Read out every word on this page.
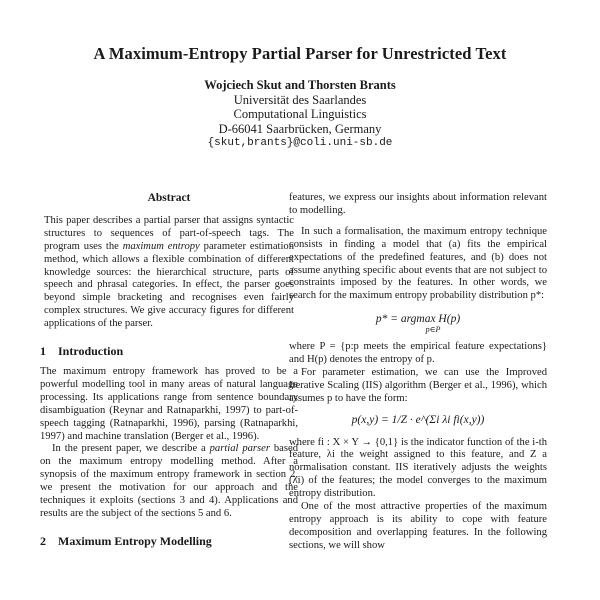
A Maximum-Entropy Partial Parser for Unrestricted Text
Wojciech Skut and Thorsten Brants
Universität des Saarlandes
Computational Linguistics
D-66041 Saarbrücken, Germany
{skut,brants}@coli.uni-sb.de
Abstract

This paper describes a partial parser that assigns syntactic structures to sequences of part-of-speech tags. The program uses the maximum entropy parameter estimation method, which allows a flexible combination of different knowledge sources: the hierarchical structure, parts of speech and phrasal categories. In effect, the parser goes beyond simple bracketing and recognises even fairly complex structures. We give accuracy figures for different applications of the parser.

1 Introduction

The maximum entropy framework has proved to be a powerful modelling tool in many areas of natural language processing. Its applications range from sentence boundary disambiguation (Reynar and Ratnaparkhi, 1997) to part-of-speech tagging (Ratnaparkhi, 1996), parsing (Ratnaparkhi, 1997) and machine translation (Berger et al., 1996).

In the present paper, we describe a partial parser based on the maximum entropy modelling method. After a synopsis of the maximum entropy framework in section 2, we present the motivation for our approach and the techniques it exploits (sections 3 and 4). Applications and results are the subject of the sections 5 and 6.

2 Maximum Entropy Modelling

features, we express our insights about information relevant to modelling.

In such a formalisation, the maximum entropy technique consists in finding a model that (a) fits the empirical expectations of the predefined features, and (b) does not assume anything specific about events that are not subject to constraints imposed by the features. In other words, we search for the maximum entropy probability distribution p*:

p* = argmax H(p)
p∈P

where P = {p:p meets the empirical feature expectations} and H(p) denotes the entropy of p.

For parameter estimation, we can use the Improved Iterative Scaling (IIS) algorithm (Berger et al., 1996), which assumes p to have the form:

p(x,y) = 1/Z · e^(Σi λi fi(x,y))

where fi : X × Y → {0,1} is the indicator function of the i-th feature, λi the weight assigned to this feature, and Z a normalisation constant. IIS iteratively adjusts the weights (λi) of the features; the model converges to the maximum entropy distribution.

One of the most attractive properties of the maximum entropy approach is its ability to cope with feature decomposition and overlapping features. In the following sections, we will show
